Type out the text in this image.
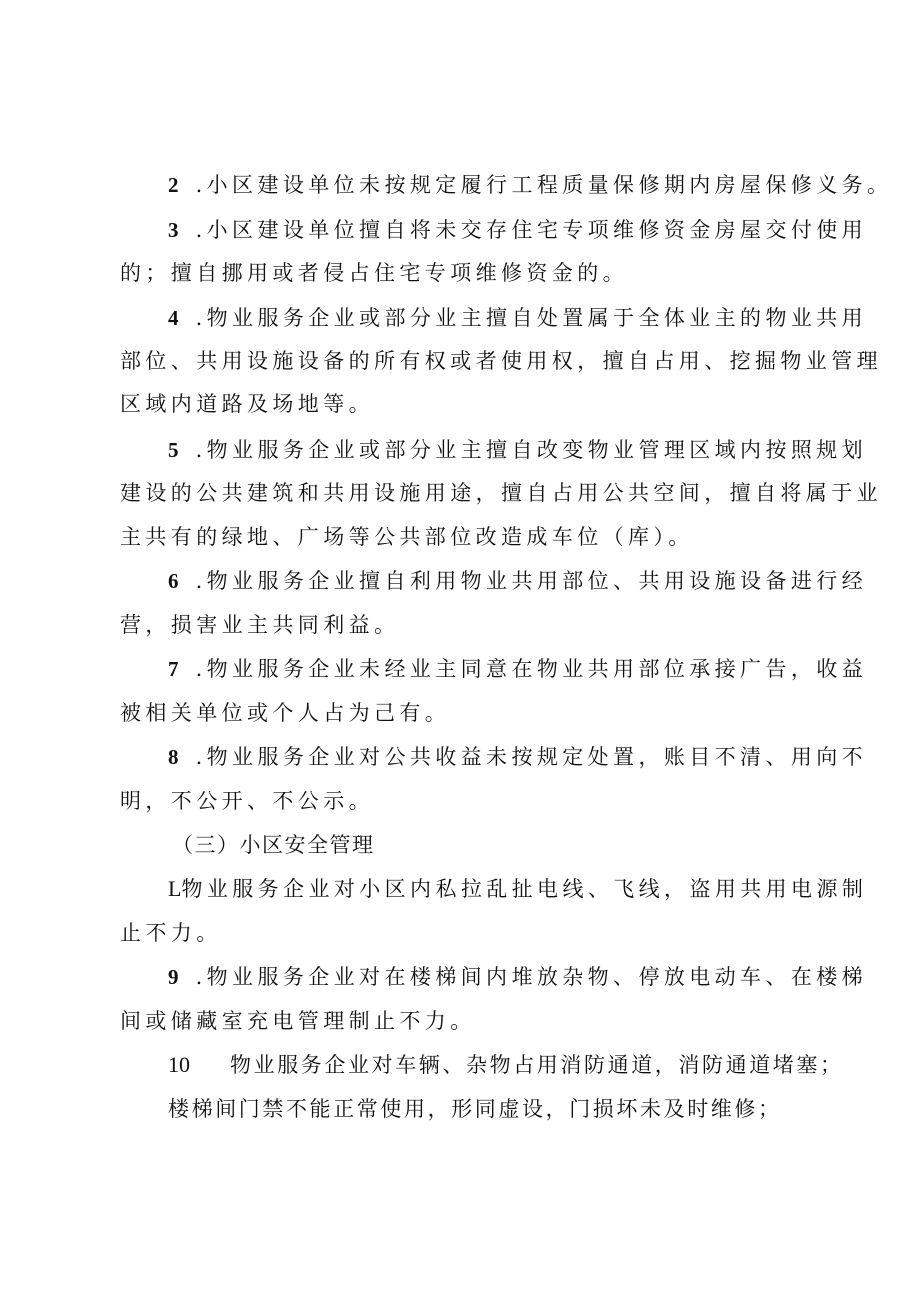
2 .小区建设单位未按规定履行工程质量保修期内房屋保修义务。
3 .小区建设单位擅自将未交存住宅专项维修资金房屋交付使用
的；擅自挪用或者侵占住宅专项维修资金的。
4 .物业服务企业或部分业主擅自处置属于全体业主的物业共用
部位、共用设施设备的所有权或者使用权，擅自占用、挖掘物业管理
区域内道路及场地等。
5 .物业服务企业或部分业主擅自改变物业管理区域内按照规划
建设的公共建筑和共用设施用途，擅自占用公共空间，擅自将属于业
主共有的绿地、广场等公共部位改造成车位（库）。
6 .物业服务企业擅自利用物业共用部位、共用设施设备进行经
营，损害业主共同利益。
7 .物业服务企业未经业主同意在物业共用部位承接广告，收益
被相关单位或个人占为己有。
8 .物业服务企业对公共收益未按规定处置，账目不清、用向不
明，不公开、不公示。
（三）小区安全管理
L物业服务企业对小区内私拉乱扯电线、飞线，盗用共用电源制
止不力。
9 .物业服务企业对在楼梯间内堆放杂物、停放电动车、在楼梯
间或储藏室充电管理制止不力。
10 物业服务企业对车辆、杂物占用消防通道，消防通道堵塞；
楼梯间门禁不能正常使用，形同虚设，门损坏未及时维修；
